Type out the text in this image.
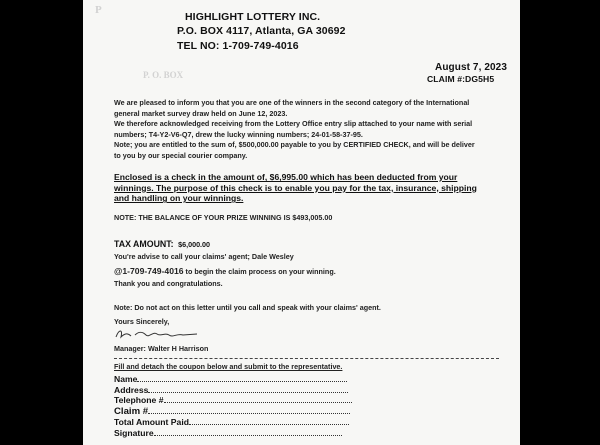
P
P. O. BOX
HIGHLIGHT LOTTERY INC.
P.O. BOX 4117, Atlanta, GA 30692
TEL NO: 1-709-749-4016
August 7, 2023
CLAIM #:DG5H5
We are pleased to inform you that you are one of the winners in the second category of the International
general market survey draw held on June 12, 2023.
We therefore acknowledged receiving from the Lottery Office entry slip attached to your name with serial
numbers; T4-Y2-V6-Q7, drew the lucky winning numbers; 24-01-58-37-95.
Note; you are entitled to the sum of, $500,000.00 payable to you by CERTIFIED CHECK, and will be deliver
to you by our special courier company.
Enclosed is a check in the amount of, $6,995.00 which has been deducted from your
winnings. The purpose of this check is to enable you pay for the tax, insurance, shipping
and handling on your winnings.
NOTE: THE BALANCE OF YOUR PRIZE WINNING IS $493,005.00
TAX AMOUNT: $6,000.00
You're advise to call your claims' agent; Dale Wesley
@1-709-749-4016 to begin the claim process on your winning.
Thank you and congratulations.
Note: Do not act on this letter until you call and speak with your claims' agent.
Yours Sincerely,
Manager: Walter H Harrison
Fill and detach the coupon below and submit to the representative.
Name
Address
Telephone #
Claim #
Total Amount Paid
Signature
